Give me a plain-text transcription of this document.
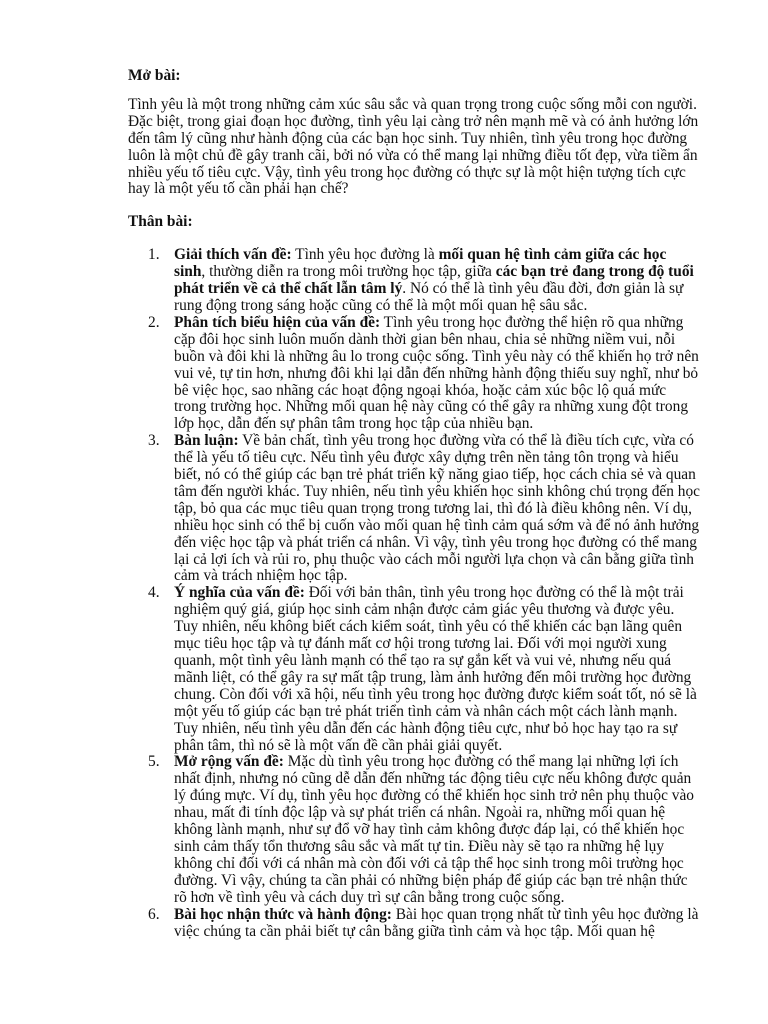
Mở bài:

Tình yêu là một trong những cảm xúc sâu sắc và quan trọng trong cuộc sống mỗi con người. Đặc biệt, trong giai đoạn học đường, tình yêu lại càng trở nên mạnh mẽ và có ảnh hưởng lớn đến tâm lý cũng như hành động của các bạn học sinh. Tuy nhiên, tình yêu trong học đường luôn là một chủ đề gây tranh cãi, bởi nó vừa có thể mang lại những điều tốt đẹp, vừa tiềm ẩn nhiều yếu tố tiêu cực. Vậy, tình yêu trong học đường có thực sự là một hiện tượng tích cực hay là một yếu tố cần phải hạn chế?

Thân bài:

1. Giải thích vấn đề: Tình yêu học đường là mối quan hệ tình cảm giữa các học sinh, thường diễn ra trong môi trường học tập, giữa các bạn trẻ đang trong độ tuổi phát triển về cả thể chất lẫn tâm lý. Nó có thể là tình yêu đầu đời, đơn giản là sự rung động trong sáng hoặc cũng có thể là một mối quan hệ sâu sắc.
2. Phân tích biểu hiện của vấn đề: Tình yêu trong học đường thể hiện rõ qua những cặp đôi học sinh luôn muốn dành thời gian bên nhau, chia sẻ những niềm vui, nỗi buồn và đôi khi là những âu lo trong cuộc sống. Tình yêu này có thể khiến họ trở nên vui vẻ, tự tin hơn, nhưng đôi khi lại dẫn đến những hành động thiếu suy nghĩ, như bỏ bê việc học, sao nhãng các hoạt động ngoại khóa, hoặc cảm xúc bộc lộ quá mức trong trường học. Những mối quan hệ này cũng có thể gây ra những xung đột trong lớp học, dẫn đến sự phân tâm trong học tập của nhiều bạn.
3. Bàn luận: Về bản chất, tình yêu trong học đường vừa có thể là điều tích cực, vừa có thể là yếu tố tiêu cực. Nếu tình yêu được xây dựng trên nền tảng tôn trọng và hiểu biết, nó có thể giúp các bạn trẻ phát triển kỹ năng giao tiếp, học cách chia sẻ và quan tâm đến người khác. Tuy nhiên, nếu tình yêu khiến học sinh không chú trọng đến học tập, bỏ qua các mục tiêu quan trọng trong tương lai, thì đó là điều không nên. Ví dụ, nhiều học sinh có thể bị cuốn vào mối quan hệ tình cảm quá sớm và để nó ảnh hưởng đến việc học tập và phát triển cá nhân. Vì vậy, tình yêu trong học đường có thể mang lại cả lợi ích và rủi ro, phụ thuộc vào cách mỗi người lựa chọn và cân bằng giữa tình cảm và trách nhiệm học tập.
4. Ý nghĩa của vấn đề: Đối với bản thân, tình yêu trong học đường có thể là một trải nghiệm quý giá, giúp học sinh cảm nhận được cảm giác yêu thương và được yêu. Tuy nhiên, nếu không biết cách kiểm soát, tình yêu có thể khiến các bạn lãng quên mục tiêu học tập và tự đánh mất cơ hội trong tương lai. Đối với mọi người xung quanh, một tình yêu lành mạnh có thể tạo ra sự gắn kết và vui vẻ, nhưng nếu quá mãnh liệt, có thể gây ra sự mất tập trung, làm ảnh hưởng đến môi trường học đường chung. Còn đối với xã hội, nếu tình yêu trong học đường được kiểm soát tốt, nó sẽ là một yếu tố giúp các bạn trẻ phát triển tình cảm và nhân cách một cách lành mạnh. Tuy nhiên, nếu tình yêu dẫn đến các hành động tiêu cực, như bỏ học hay tạo ra sự phân tâm, thì nó sẽ là một vấn đề cần phải giải quyết.
5. Mở rộng vấn đề: Mặc dù tình yêu trong học đường có thể mang lại những lợi ích nhất định, nhưng nó cũng dễ dẫn đến những tác động tiêu cực nếu không được quản lý đúng mực. Ví dụ, tình yêu học đường có thể khiến học sinh trở nên phụ thuộc vào nhau, mất đi tính độc lập và sự phát triển cá nhân. Ngoài ra, những mối quan hệ không lành mạnh, như sự đổ vỡ hay tình cảm không được đáp lại, có thể khiến học sinh cảm thấy tổn thương sâu sắc và mất tự tin. Điều này sẽ tạo ra những hệ lụy không chỉ đối với cá nhân mà còn đối với cả tập thể học sinh trong môi trường học đường. Vì vậy, chúng ta cần phải có những biện pháp để giúp các bạn trẻ nhận thức rõ hơn về tình yêu và cách duy trì sự cân bằng trong cuộc sống.
6. Bài học nhận thức và hành động: Bài học quan trọng nhất từ tình yêu học đường là việc chúng ta cần phải biết tự cân bằng giữa tình cảm và học tập. Mối quan hệ
